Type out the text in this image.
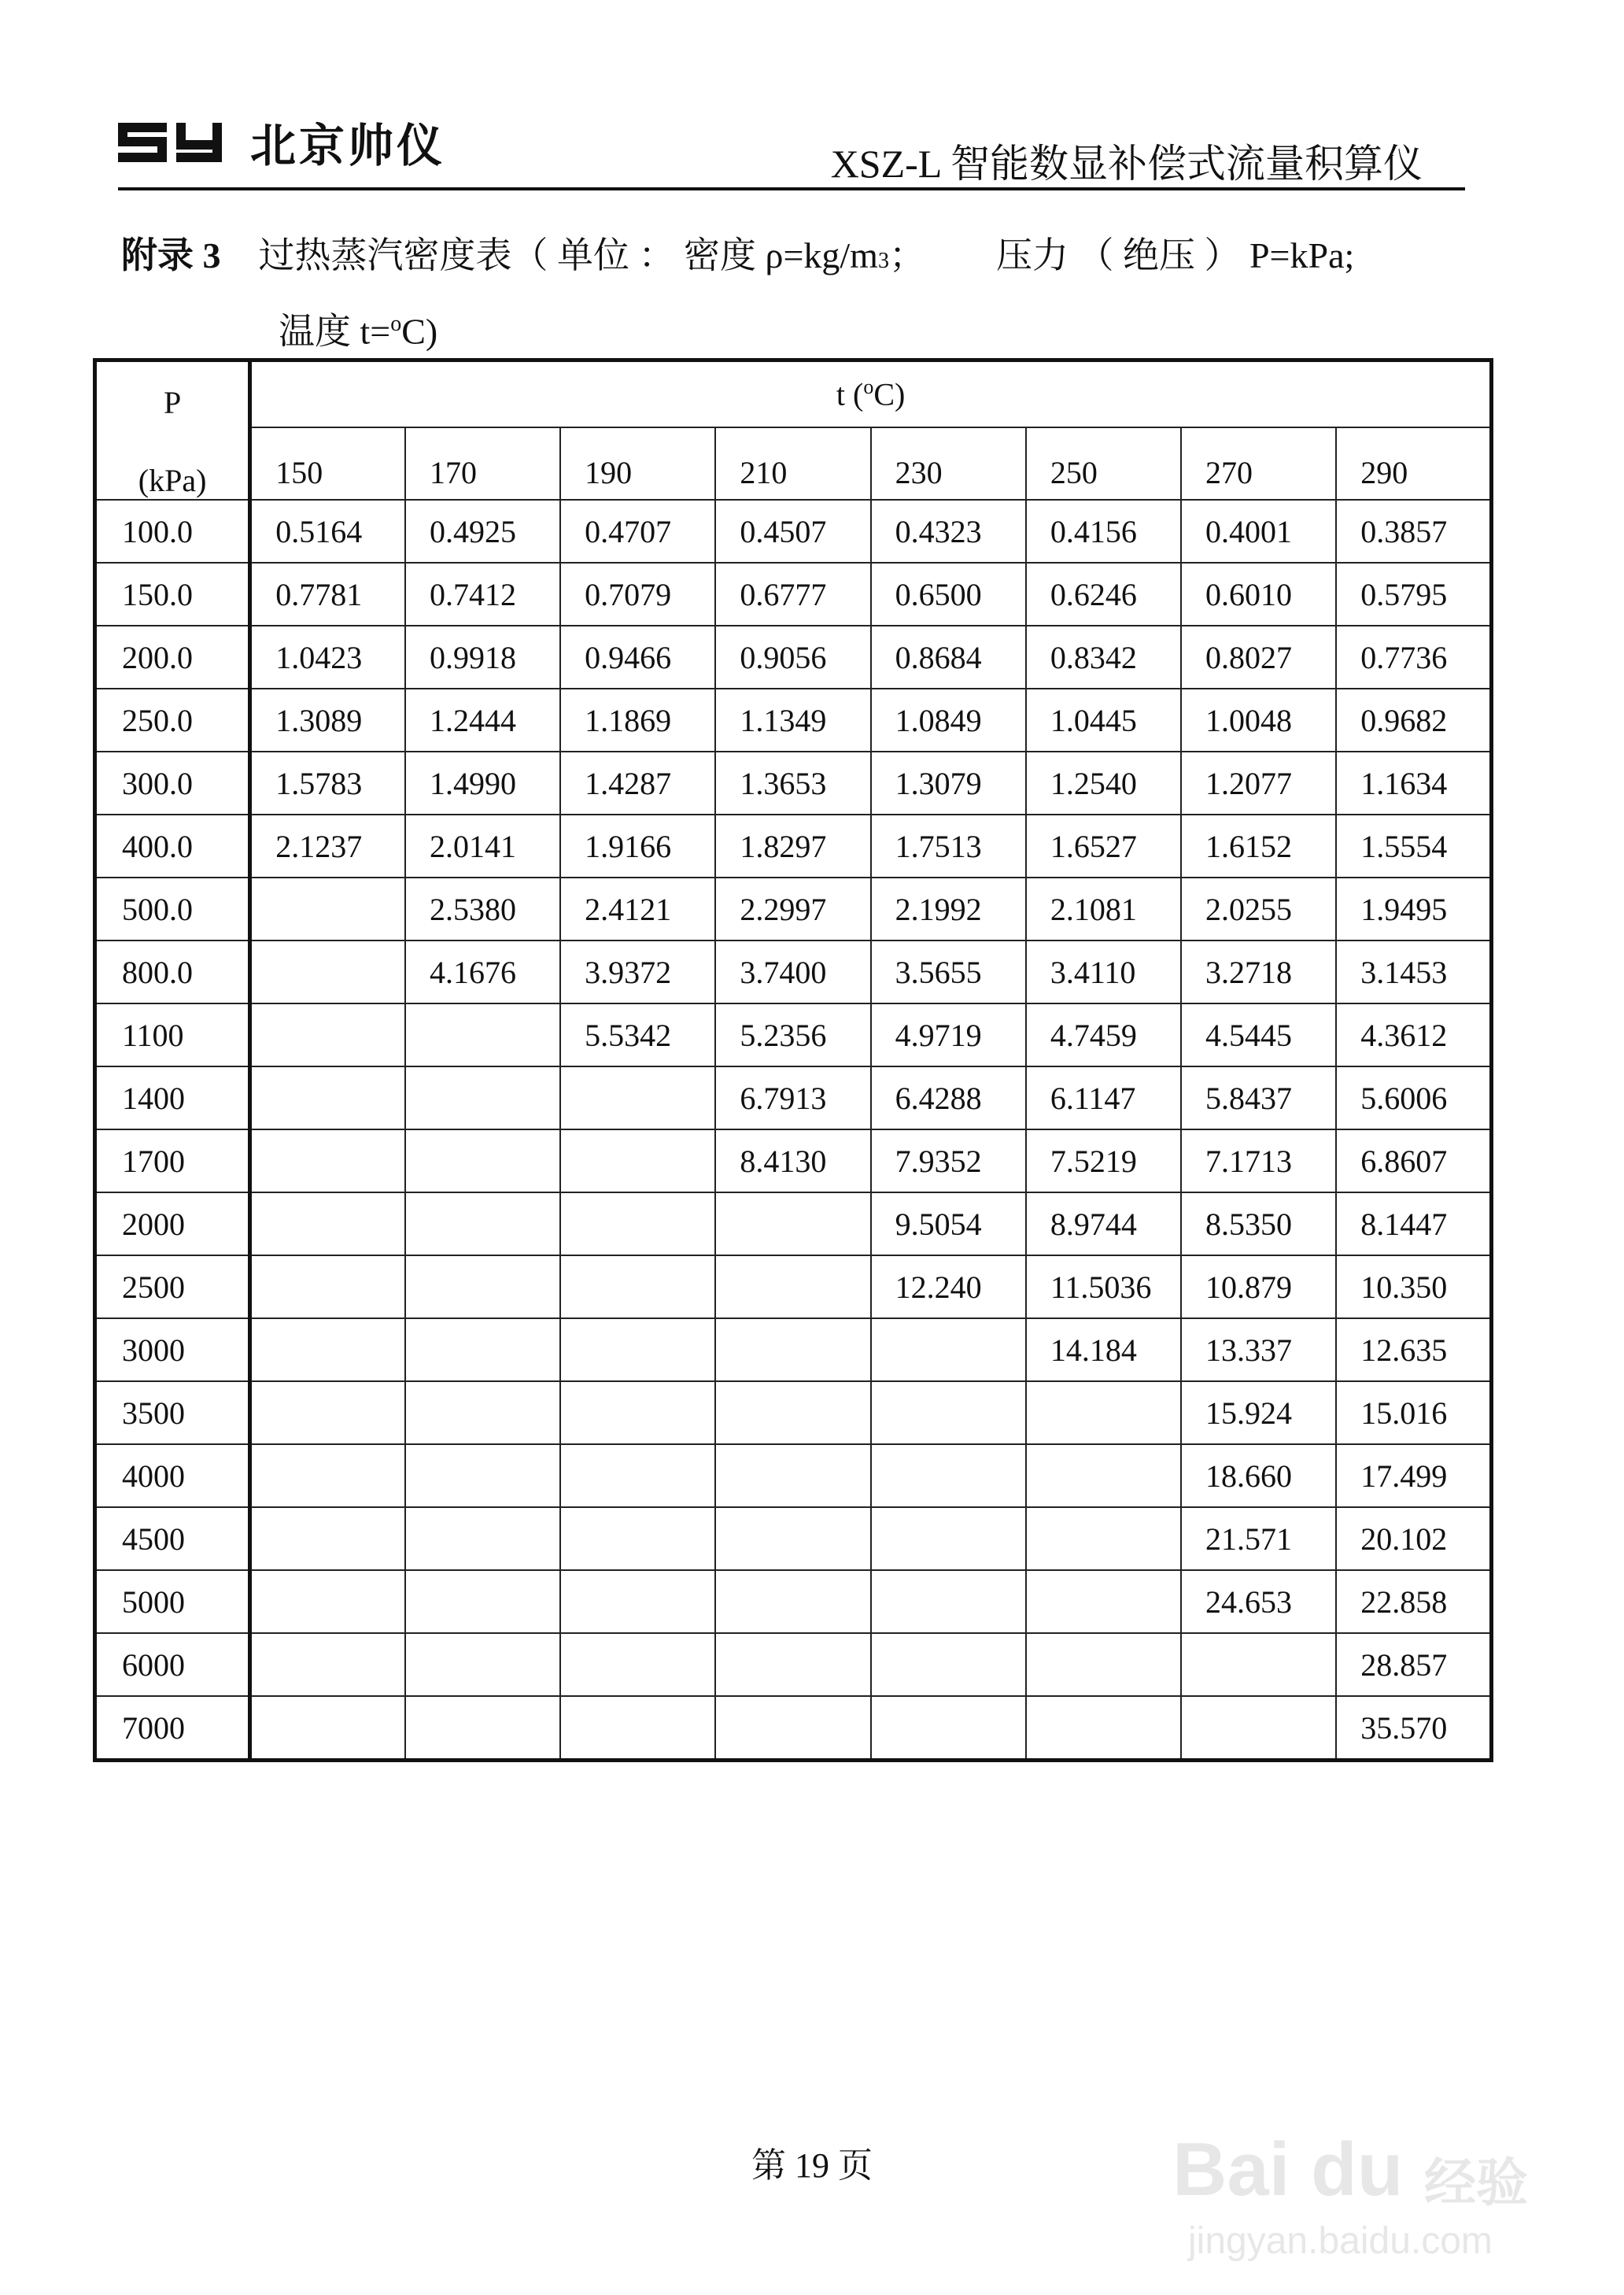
北京帅仪	XSZ-L 智能数显补偿式流量积算仪
附录 3 过热蒸汽密度表（ 单位 ： 密度 ρ=kg/m 3 ； 压力 （ 绝压 ） P=kPa;
温度 t=$^o$C)
P
(kPa)	t ($^o$C)							
	150	170	190	210	230	250	270	290
100.0	0.5164	0.4925	0.4707	0.4507	0.4323	0.4156	0.4001	0.3857
150.0	0.7781	0.7412	0.7079	0.6777	0.6500	0.6246	0.6010	0.5795
200.0	1.0423	0.9918	0.9466	0.9056	0.8684	0.8342	0.8027	0.7736
250.0	1.3089	1.2444	1.1869	1.1349	1.0849	1.0445	1.0048	0.9682
300.0	1.5783	1.4990	1.4287	1.3653	1.3079	1.2540	1.2077	1.1634
400.0	2.1237	2.0141	1.9166	1.8297	1.7513	1.6527	1.6152	1.5554
500.0		2.5380	2.4121	2.2997	2.1992	2.1081	2.0255	1.9495
800.0		4.1676	3.9372	3.7400	3.5655	3.4110	3.2718	3.1453
1100			5.5342	5.2356	4.9719	4.7459	4.5445	4.3612
1400				6.7913	6.4288	6.1147	5.8437	5.6006
1700				8.4130	7.9352	7.5219	7.1713	6.8607
2000					9.5054	8.9744	8.5350	8.1447
2500					12.240	11.5036	10.879	10.350
3000						14.184	13.337	12.635
3500							15.924	15.016
4000							18.660	17.499
4500							21.571	20.102
5000							24.653	22.858
6000								28.857
7000								35.570
第 19 页	Bai du 经验
jingyan.baidu.com
